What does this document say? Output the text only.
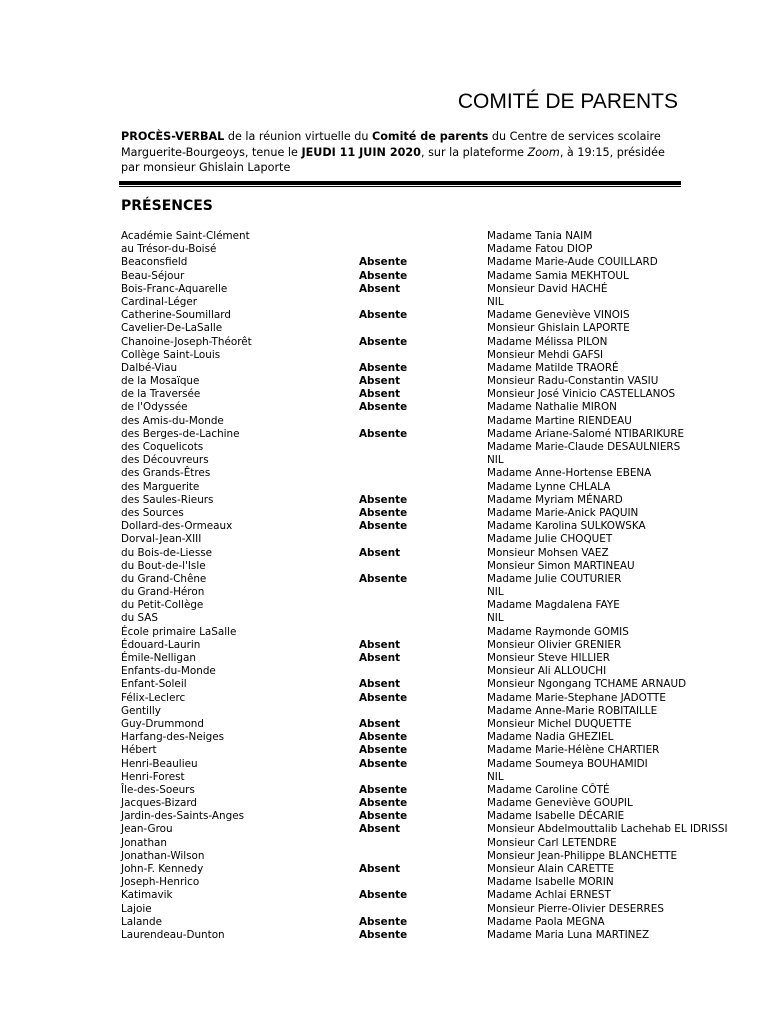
COMITÉ DE PARENTS
PROCÈS-VERBAL de la réunion virtuelle du Comité de parents du Centre de services scolaire Marguerite-Bourgeoys, tenue le JEUDI 11 JUIN 2020, sur la plateforme Zoom, à 19:15, présidée par monsieur Ghislain Laporte
PRÉSENCES
Académie Saint-Clément	Madame Tania NAIM
au Trésor-du-Boisé	Madame Fatou DIOP
Beaconsfield	Absente	Madame Marie-Aude COUILLARD
Beau-Séjour	Absente	Madame Samia MEKHTOUL
Bois-Franc-Aquarelle	Absent	Monsieur David HACHÉ
Cardinal-Léger	NIL
Catherine-Soumillard	Absente	Madame Geneviève VINOIS
Cavelier-De-LaSalle	Monsieur Ghislain LAPORTE
Chanoine-Joseph-Théorêt	Absente	Madame Mélissa PILON
Collège Saint-Louis	Monsieur Mehdi GAFSI
Dalbé-Viau	Absente	Madame Matilde TRAORÉ
de la Mosaïque	Absent	Monsieur Radu-Constantin VASIU
de la Traversée	Absent	Monsieur José Vinicio CASTELLANOS
de l'Odyssée	Absente	Madame Nathalie MIRON
des Amis-du-Monde	Madame Martine RIENDEAU
des Berges-de-Lachine	Absente	Madame Ariane-Salomé NTIBARIKURE
des Coquelicots	Madame Marie-Claude DESAULNIERS
des Découvreurs	NIL
des Grands-Êtres	Madame Anne-Hortense EBENA
des Marguerite	Madame Lynne CHLALA
des Saules-Rieurs	Absente	Madame Myriam MÉNARD
des Sources	Absente	Madame Marie-Anick PAQUIN
Dollard-des-Ormeaux	Absente	Madame Karolina SULKOWSKA
Dorval-Jean-XIII	Madame Julie CHOQUET
du Bois-de-Liesse	Absent	Monsieur Mohsen VAEZ
du Bout-de-l'Isle	Monsieur Simon MARTINEAU
du Grand-Chêne	Absente	Madame Julie COUTURIER
du Grand-Héron	NIL
du Petit-Collège	Madame Magdalena FAYE
du SAS	NIL
École primaire LaSalle	Madame Raymonde GOMIS
Édouard-Laurin	Absent	Monsieur Olivier GRENIER
Émile-Nelligan	Absent	Monsieur Steve HILLIER
Enfants-du-Monde	Monsieur Ali ALLOUCHI
Enfant-Soleil	Absent	Monsieur Ngongang TCHAME ARNAUD
Félix-Leclerc	Absente	Madame Marie-Stephane JADOTTE
Gentilly	Madame Anne-Marie ROBITAILLE
Guy-Drummond	Absent	Monsieur Michel DUQUETTE
Harfang-des-Neiges	Absente	Madame Nadia GHEZIEL
Hébert	Absente	Madame Marie-Hélène CHARTIER
Henri-Beaulieu	Absente	Madame Soumeya BOUHAMIDI
Henri-Forest	NIL
Île-des-Soeurs	Absente	Madame Caroline CÔTÉ
Jacques-Bizard	Absente	Madame Geneviève GOUPIL
Jardin-des-Saints-Anges	Absente	Madame Isabelle DÉCARIE
Jean-Grou	Absent	Monsieur Abdelmouttalib Lachehab EL IDRISSI
Jonathan	Monsieur Carl LETENDRE
Jonathan-Wilson	Monsieur Jean-Philippe BLANCHETTE
John-F. Kennedy	Absent	Monsieur Alain CARETTE
Joseph-Henrico	Madame Isabelle MORIN
Katimavik	Absente	Madame Achlai ERNEST
Lajoie	Monsieur Pierre-Olivier DESERRES
Lalande	Absente	Madame Paola MEGNA
Laurendeau-Dunton	Absente	Madame Maria Luna MARTINEZ
